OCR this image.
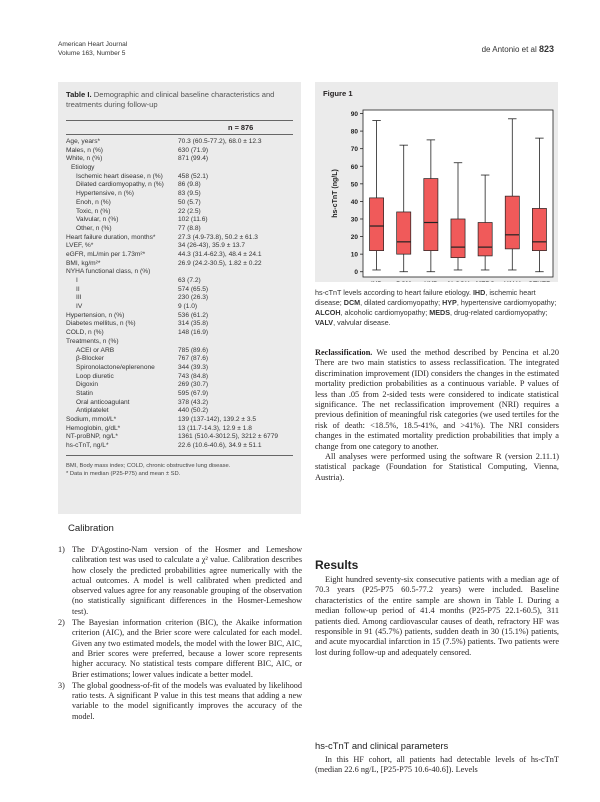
American Heart Journal
Volume 163, Number 5	de Antonio et al 823
Table I. Demographic and clinical baseline characteristics and treatments during follow-up
n = 876
Age, years*	70.3 (60.5-77.2), 68.0 ± 12.3
Males, n (%)	630 (71.9)
White, n (%)	871 (99.4)
Etiology
Ischemic heart disease, n (%) 458 (52.1)
Dilated cardiomyopathy, n (%) 86 (9.8)
Hypertensive, n (%)	83 (9.5)
Enoh, n (%)	50 (5.7)
Toxic, n (%)	22 (2.5)
Valvular, n (%)	102 (11.6)
Other, n (%)	77 (8.8)
Heart failure duration, months*	27.3 (4.9-73.8), 50.2 ± 61.3
LVEF, %*	34 (26-43), 35.9 ± 13.7
eGFR, mL/min per 1.73m²*	44.3 (31.4-62.3), 48.4 ± 24.1
BMI, kg/m²*	26.9 (24.2-30.5), 1.82 ± 0.22
NYHA functional class, n (%)
I	63 (7.2)
II	574 (65.5)
III	230 (26.3)
IV	9 (1.0)
Hypertension, n (%)	536 (61.2)
Diabetes mellitus, n (%)	314 (35.8)
COLD, n (%)	148 (16.9)
Treatments, n (%)
ACEI or ARB	785 (89.6)
β-Blocker	767 (87.6)
Spironolactone/eplerenone	344 (39.3)
Loop diuretic	743 (84.8)
Digoxin	269 (30.7)
Statin	595 (67.9)
Oral anticoagulant	378 (43.2)
Antiplatelet	440 (50.2)
Sodium, mmol/L*	139 (137-142), 139.2 ± 3.5
Hemoglobin, g/dL*	13 (11.7-14.3), 12.9 ± 1.8
NT-proBNP, ng/L*	1361 (510.4-3012.5), 3212 ± 6779
hs-cTnT, ng/L*	22.6 (10.6-40.6), 34.9 ± 51.1
BMI, Body mass index; COLD, chronic obstructive lung disease.
* Data in median (P25-P75) and mean ± SD.
Calibration
1) The D'Agostino-Nam version of the Hosmer and Lemeshow calibration test was used to calculate a χ² value. Calibration describes how closely the predicted probabilities agree numerically with the actual outcomes. A model is well calibrated when predicted and observed values agree for any reasonable grouping of the observation (no statistically significant differences in the Hosmer-Lemeshow test).
2) The Bayesian information criterion (BIC), the Akaike information criterion (AIC), and the Brier score were calculated for each model. Given any two estimated models, the model with the lower BIC, AIC, and Brier scores were preferred, because a lower score represents higher accuracy. No statistical tests compare different BIC, AIC, or Brier estimations; lower values indicate a better model.
3) The global goodness-of-fit of the models was evaluated by likelihood ratio tests. A significant P value in this test means that adding a new variable to the model significantly improves the accuracy of the model.
Figure 1
0
10
20
30
40
50
60
70
80
90
hs-cTnT (ng/L)
hs-cTnT levels according to heart failure etiology. IHD, ischemic heart disease; DCM, dilated cardiomyopathy; HYP, hypertensive cardiomyopathy; ALCOH, alcoholic cardiomyopathy; MEDS, drug-related cardiomyopathy; VALV, valvular disease.

Reclassification. We used the method described by Pencina et al.20 There are two main statistics to assess reclassification. The integrated discrimination improvement (IDI) considers the changes in the estimated mortality prediction probabilities as a continuous variable. P values of less than .05 from 2-sided tests were considered to indicate statistical significance. The net reclassification improvement (NRI) requires a previous definition of meaningful risk categories (we used tertiles for the risk of death: <18.5%, 18.5-41%, and >41%). The NRI considers changes in the estimated mortality prediction probabilities that imply a change from one category to another.

All analyses were performed using the software R (version 2.11.1) statistical package (Foundation for Statistical Computing, Vienna, Austria).

Results

Eight hundred seventy-six consecutive patients with a median age of 70.3 years (P25-P75 60.5-77.2 years) were included. Baseline characteristics of the entire sample are shown in Table I. During a median follow-up period of 41.4 months (P25-P75 22.1-60.5), 311 patients died. Among cardiovascular causes of death, refractory HF was responsible in 91 (45.7%) patients, sudden death in 30 (15.1%) patients, and acute myocardial infarction in 15 (7.5%) patients. Two patients were lost during follow-up and adequately censored.

hs-cTnT and clinical parameters

In this HF cohort, all patients had detectable levels of hs-cTnT (median 22.6 ng/L, [P25-P75 10.6-40.6]). Levels
